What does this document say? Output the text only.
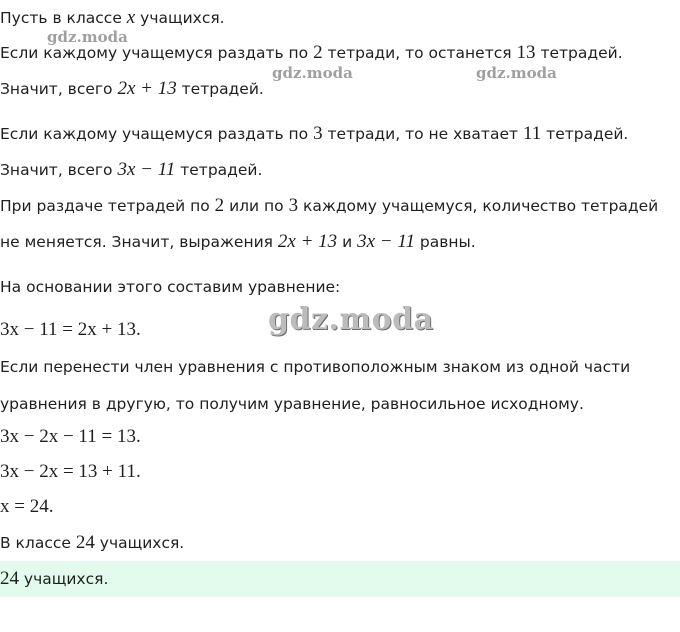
Пусть в классе x учащихся.
Если каждому учащемуся раздать по 2 тетради, то останется 13 тетрадей.
Значит, всего 2x + 13 тетрадей.
Если каждому учащемуся раздать по 3 тетради, то не хватает 11 тетрадей.
Значит, всего 3x − 11 тетрадей.
При раздаче тетрадей по 2 или по 3 каждому учащемуся, количество тетрадей
не меняется. Значит, выражения 2x + 13 и 3x − 11 равны.
На основании этого составим уравнение:
3x − 11 = 2x + 13.
Если перенести член уравнения с противоположным знаком из одной части
уравнения в другую, то получим уравнение, равносильное исходному.
3x − 2x − 11 = 13.
3x − 2x = 13 + 11.
x = 24.
В классе 24 учащихся.
24 учащихся.
gdz.moda
gdz.moda	gdz.moda
gdz.moda
